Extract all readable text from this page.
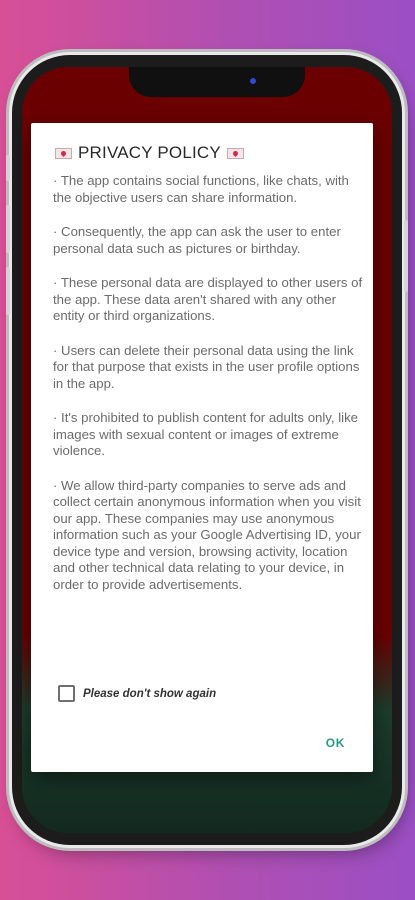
PRIVACY POLICY

· The app contains social functions, like chats, with the objective users can share information.

· Consequently, the app can ask the user to enter personal data such as pictures or birthday.

· These personal data are displayed to other users of the app. These data aren't shared with any other entity or third organizations.

· Users can delete their personal data using the link for that purpose that exists in the user profile options in the app.

· It's prohibited to publish content for adults only, like images with sexual content or images of extreme violence.

· We allow third-party companies to serve ads and collect certain anonymous information when you visit our app. These companies may use anonymous information such as your Google Advertising ID, your device type and version, browsing activity, location and other technical data relating to your device, in order to provide advertisements.

Please don't show again
OK
